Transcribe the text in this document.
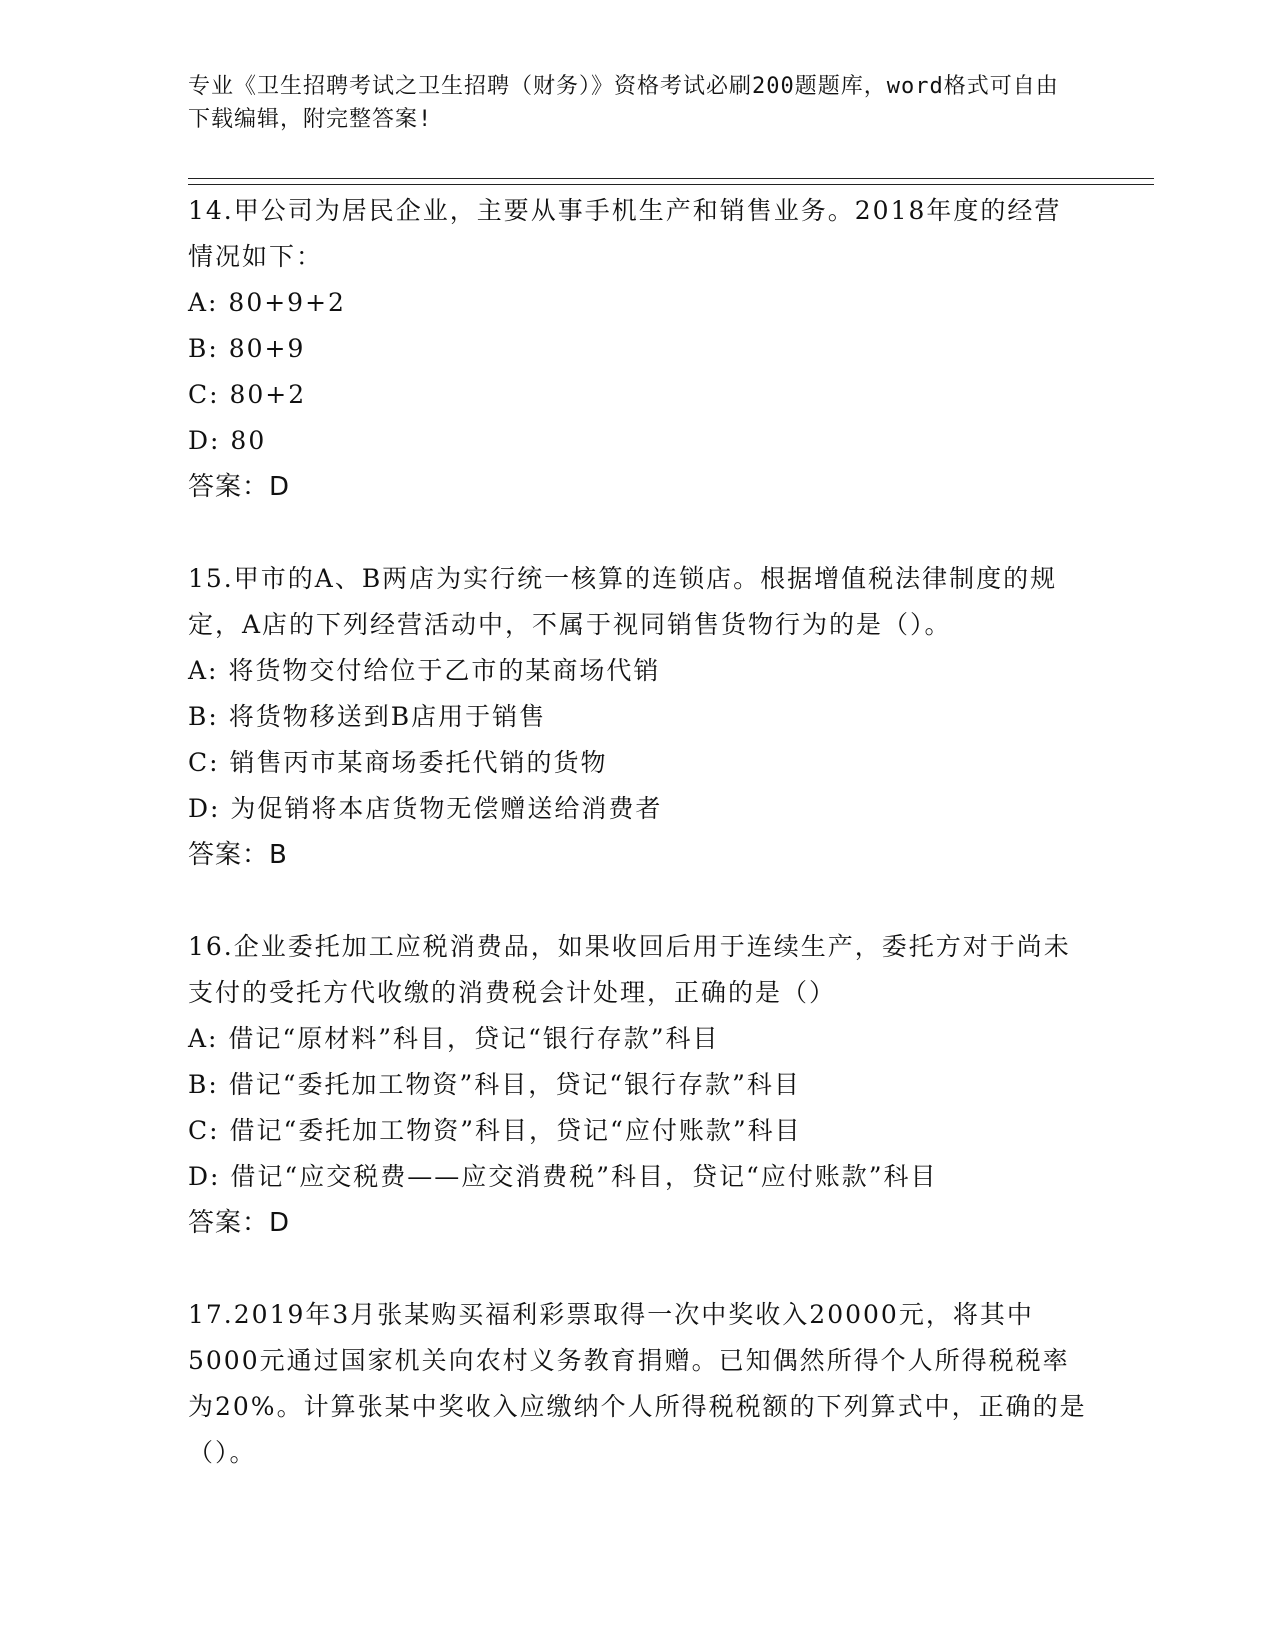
专业《卫生招聘考试之卫生招聘（财务）》资格考试必刷200题题库，word格式可自由下载编辑，附完整答案!

14.甲公司为居民企业，主要从事手机生产和销售业务。2018年度的经营情况如下：

A: 80+9+2

B: 80+9

C: 80+2

D: 80

答案：D

15.甲市的A、B两店为实行统一核算的连锁店。根据增值税法律制度的规定，A店的下列经营活动中，不属于视同销售货物行为的是（）。

A: 将货物交付给位于乙市的某商场代销

B: 将货物移送到B店用于销售

C: 销售丙市某商场委托代销的货物

D: 为促销将本店货物无偿赠送给消费者

答案：B

16.企业委托加工应税消费品，如果收回后用于连续生产，委托方对于尚未支付的受托方代收缴的消费税会计处理，正确的是（）

A: 借记“原材料”科目，贷记“银行存款”科目

B: 借记“委托加工物资”科目，贷记“银行存款”科目

C: 借记“委托加工物资”科目，贷记“应付账款”科目

D: 借记“应交税费——应交消费税”科目，贷记“应付账款”科目

答案：D

17.2019年3月张某购买福利彩票取得一次中奖收入20000元，将其中5000元通过国家机关向农村义务教育捐赠。已知偶然所得个人所得税税率为20%。计算张某中奖收入应缴纳个人所得税税额的下列算式中，正确的是（）。
